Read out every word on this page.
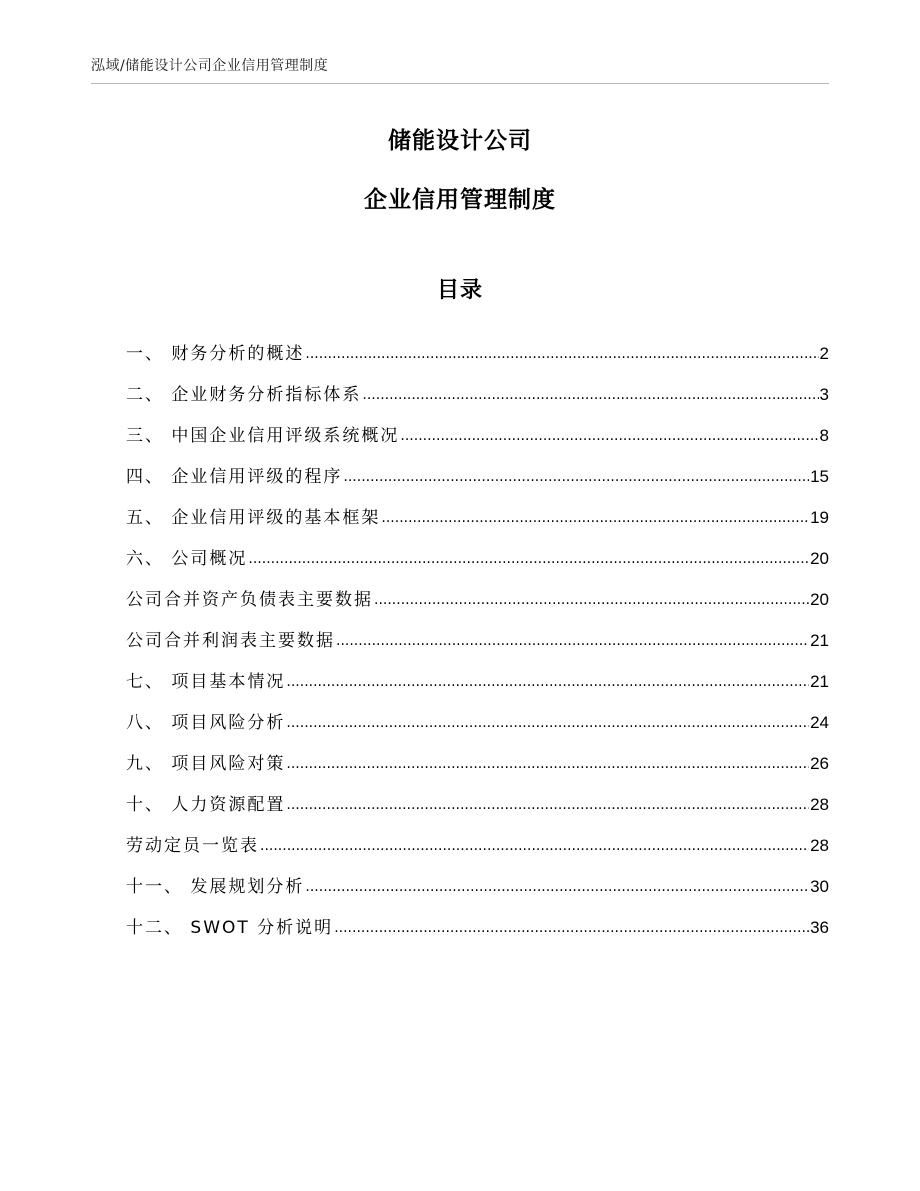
泓域/储能设计公司企业信用管理制度
储能设计公司
企业信用管理制度
目录
一、 财务分析的概述 .....	2
二、 企业财务分析指标体系 .....	3
三、 中国企业信用评级系统概况 .....	8
四、 企业信用评级的程序 .....	15
五、 企业信用评级的基本框架 .....	19
六、 公司概况 .....	20
公司合并资产负债表主要数据 .....	20
公司合并利润表主要数据 .....	21
七、 项目基本情况 .....	21
八、 项目风险分析 .....	24
九、 项目风险对策 .....	26
十、 人力资源配置 .....	28
劳动定员一览表 .....	28
十一、 发展规划分析 .....	30
十二、 SWOT 分析说明 .....	36
